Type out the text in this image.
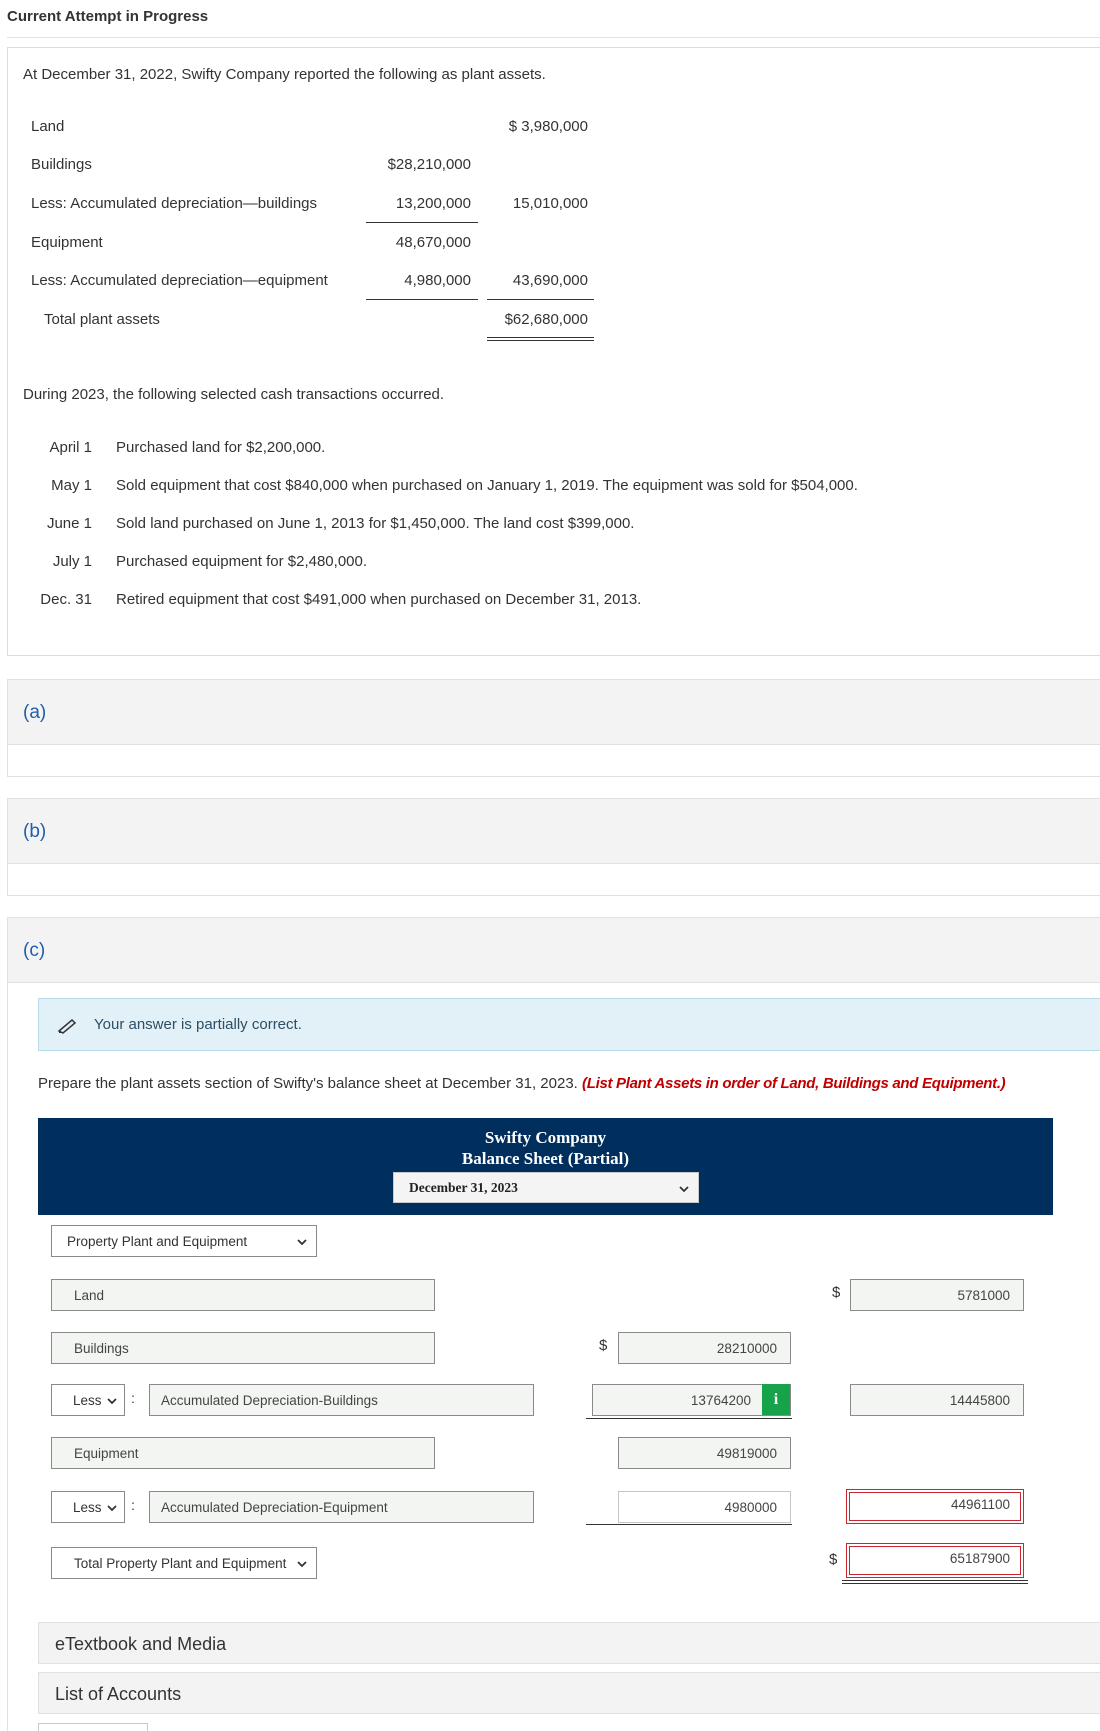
Current Attempt in Progress
At December 31, 2022, Swifty Company reported the following as plant assets.
Land	$ 3,980,000
Buildings	$28,210,000
Less: Accumulated depreciation—buildings	13,200,000	15,010,000
Equipment	48,670,000
Less: Accumulated depreciation—equipment	4,980,000	43,690,000
Total plant assets	$62,680,000
During 2023, the following selected cash transactions occurred.
April 1 Purchased land for $2,200,000.
May 1 Sold equipment that cost $840,000 when purchased on January 1, 2019. The equipment was sold for $504,000.
June 1 Sold land purchased on June 1, 2013 for $1,450,000. The land cost $399,000.
July 1 Purchased equipment for $2,480,000.
Dec. 31 Retired equipment that cost $491,000 when purchased on December 31, 2013.
(a)
(b)
(c)
Your answer is partially correct.
Prepare the plant assets section of Swifty's balance sheet at December 31, 2023. (List Plant Assets in order of Land, Buildings and Equipment.)
Swifty Company
Balance Sheet (Partial)
December 31, 2023
Property Plant and Equipment
Land	$	5781000
Buildings	$	28210000
Less : Accumulated Depreciation-Buildings	13764200	i	14445800
Equipment	49819000
Less : Accumulated Depreciation-Equipment	4980000	44961100
Total Property Plant and Equipment	$	65187900
eTextbook and Media
List of Accounts
